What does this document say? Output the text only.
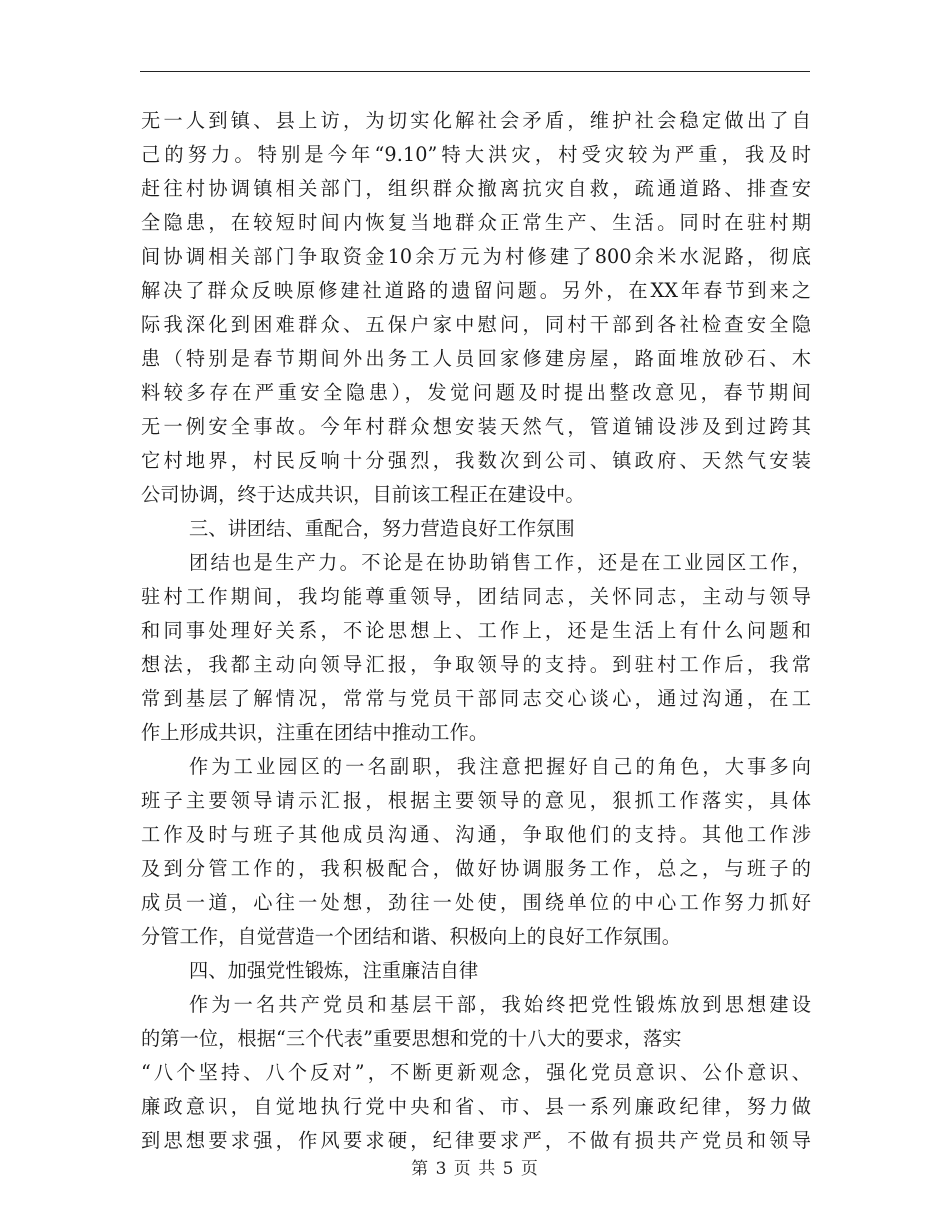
无一人到镇、县上访，为切实化解社会矛盾，维护社会稳定做出了自
己的努力。特别是今年“9.10”特大洪灾，村受灾较为严重，我及时
赶往村协调镇相关部门，组织群众撤离抗灾自救，疏通道路、排查安
全隐患，在较短时间内恢复当地群众正常生产、生活。同时在驻村期
间协调相关部门争取资金10余万元为村修建了800余米水泥路，彻底
解决了群众反映原修建社道路的遗留问题。另外，在XX年春节到来之
际我深化到困难群众、五保户家中慰问，同村干部到各社检查安全隐
患（特别是春节期间外出务工人员回家修建房屋，路面堆放砂石、木
料较多存在严重安全隐患），发觉问题及时提出整改意见，春节期间
无一例安全事故。今年村群众想安装天然气，管道铺设涉及到过跨其
它村地界，村民反响十分强烈，我数次到公司、镇政府、天然气安装
公司协调，终于达成共识，目前该工程正在建设中。
三、讲团结、重配合，努力营造良好工作氛围
团结也是生产力。不论是在协助销售工作，还是在工业园区工作，
驻村工作期间，我均能尊重领导，团结同志，关怀同志，主动与领导
和同事处理好关系，不论思想上、工作上，还是生活上有什么问题和
想法，我都主动向领导汇报，争取领导的支持。到驻村工作后，我常
常到基层了解情况，常常与党员干部同志交心谈心，通过沟通，在工
作上形成共识，注重在团结中推动工作。
作为工业园区的一名副职，我注意把握好自己的角色，大事多向
班子主要领导请示汇报，根据主要领导的意见，狠抓工作落实，具体
工作及时与班子其他成员沟通、沟通，争取他们的支持。其他工作涉
及到分管工作的，我积极配合，做好协调服务工作，总之，与班子的
成员一道，心往一处想，劲往一处使，围绕单位的中心工作努力抓好
分管工作，自觉营造一个团结和谐、积极向上的良好工作氛围。
四、加强党性锻炼，注重廉洁自律
作为一名共产党员和基层干部，我始终把党性锻炼放到思想建设
的第一位，根据“三个代表”重要思想和党的十八大的要求，落实
“八个坚持、八个反对”，不断更新观念，强化党员意识、公仆意识、
廉政意识，自觉地执行党中央和省、市、县一系列廉政纪律，努力做
到思想要求强，作风要求硬，纪律要求严，不做有损共产党员和领导
第 3 页 共 5 页
